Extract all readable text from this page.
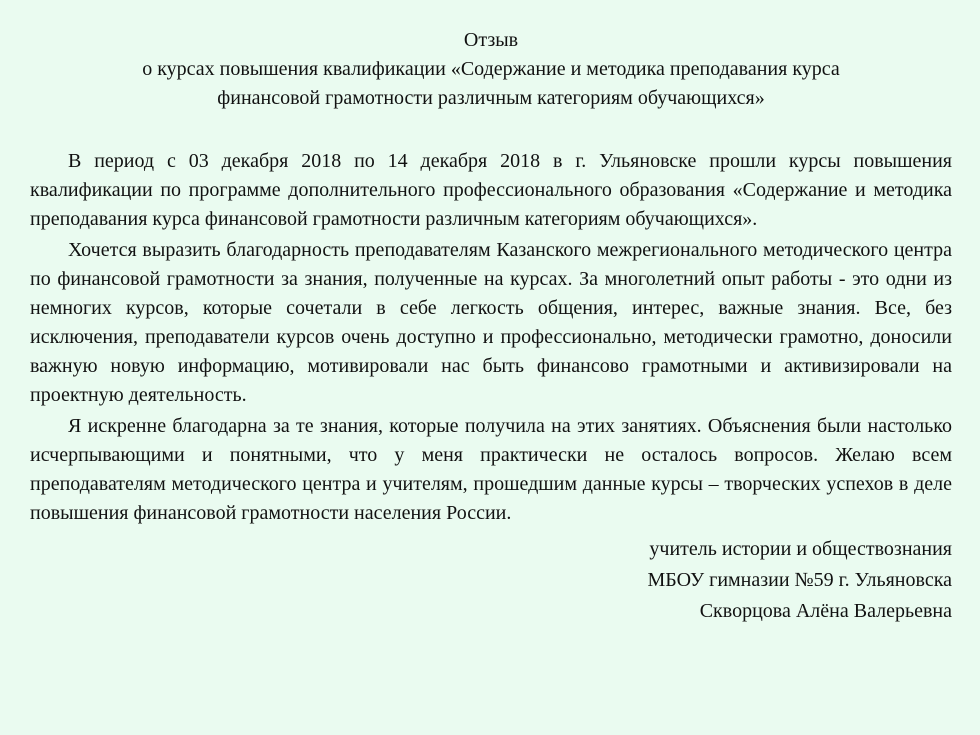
Отзыв
о курсах повышения квалификации «Содержание и методика преподавания курса
финансовой грамотности различным категориям обучающихся»

В период с 03 декабря 2018 по 14 декабря 2018 в г. Ульяновске прошли курсы повышения квалификации по программе дополнительного профессионального образования «Содержание и методика преподавания курса финансовой грамотности различным категориям обучающихся».

Хочется выразить благодарность преподавателям Казанского межрегионального методического центра по финансовой грамотности за знания, полученные на курсах. За многолетний опыт работы - это одни из немногих курсов, которые сочетали в себе легкость общения, интерес, важные знания. Все, без исключения, преподаватели курсов очень доступно и профессионально, методически грамотно, доносили важную новую информацию, мотивировали нас быть финансово грамотными и активизировали на проектную деятельность.

Я искренне благодарна за те знания, которые получила на этих занятиях. Объяснения были настолько исчерпывающими и понятными, что у меня практически не осталось вопросов. Желаю всем преподавателям методического центра и учителям, прошедшим данные курсы – творческих успехов в деле повышения финансовой грамотности населения России.

учитель истории и обществознания
МБОУ гимназии №59 г. Ульяновска
Скворцова Алёна Валерьевна
